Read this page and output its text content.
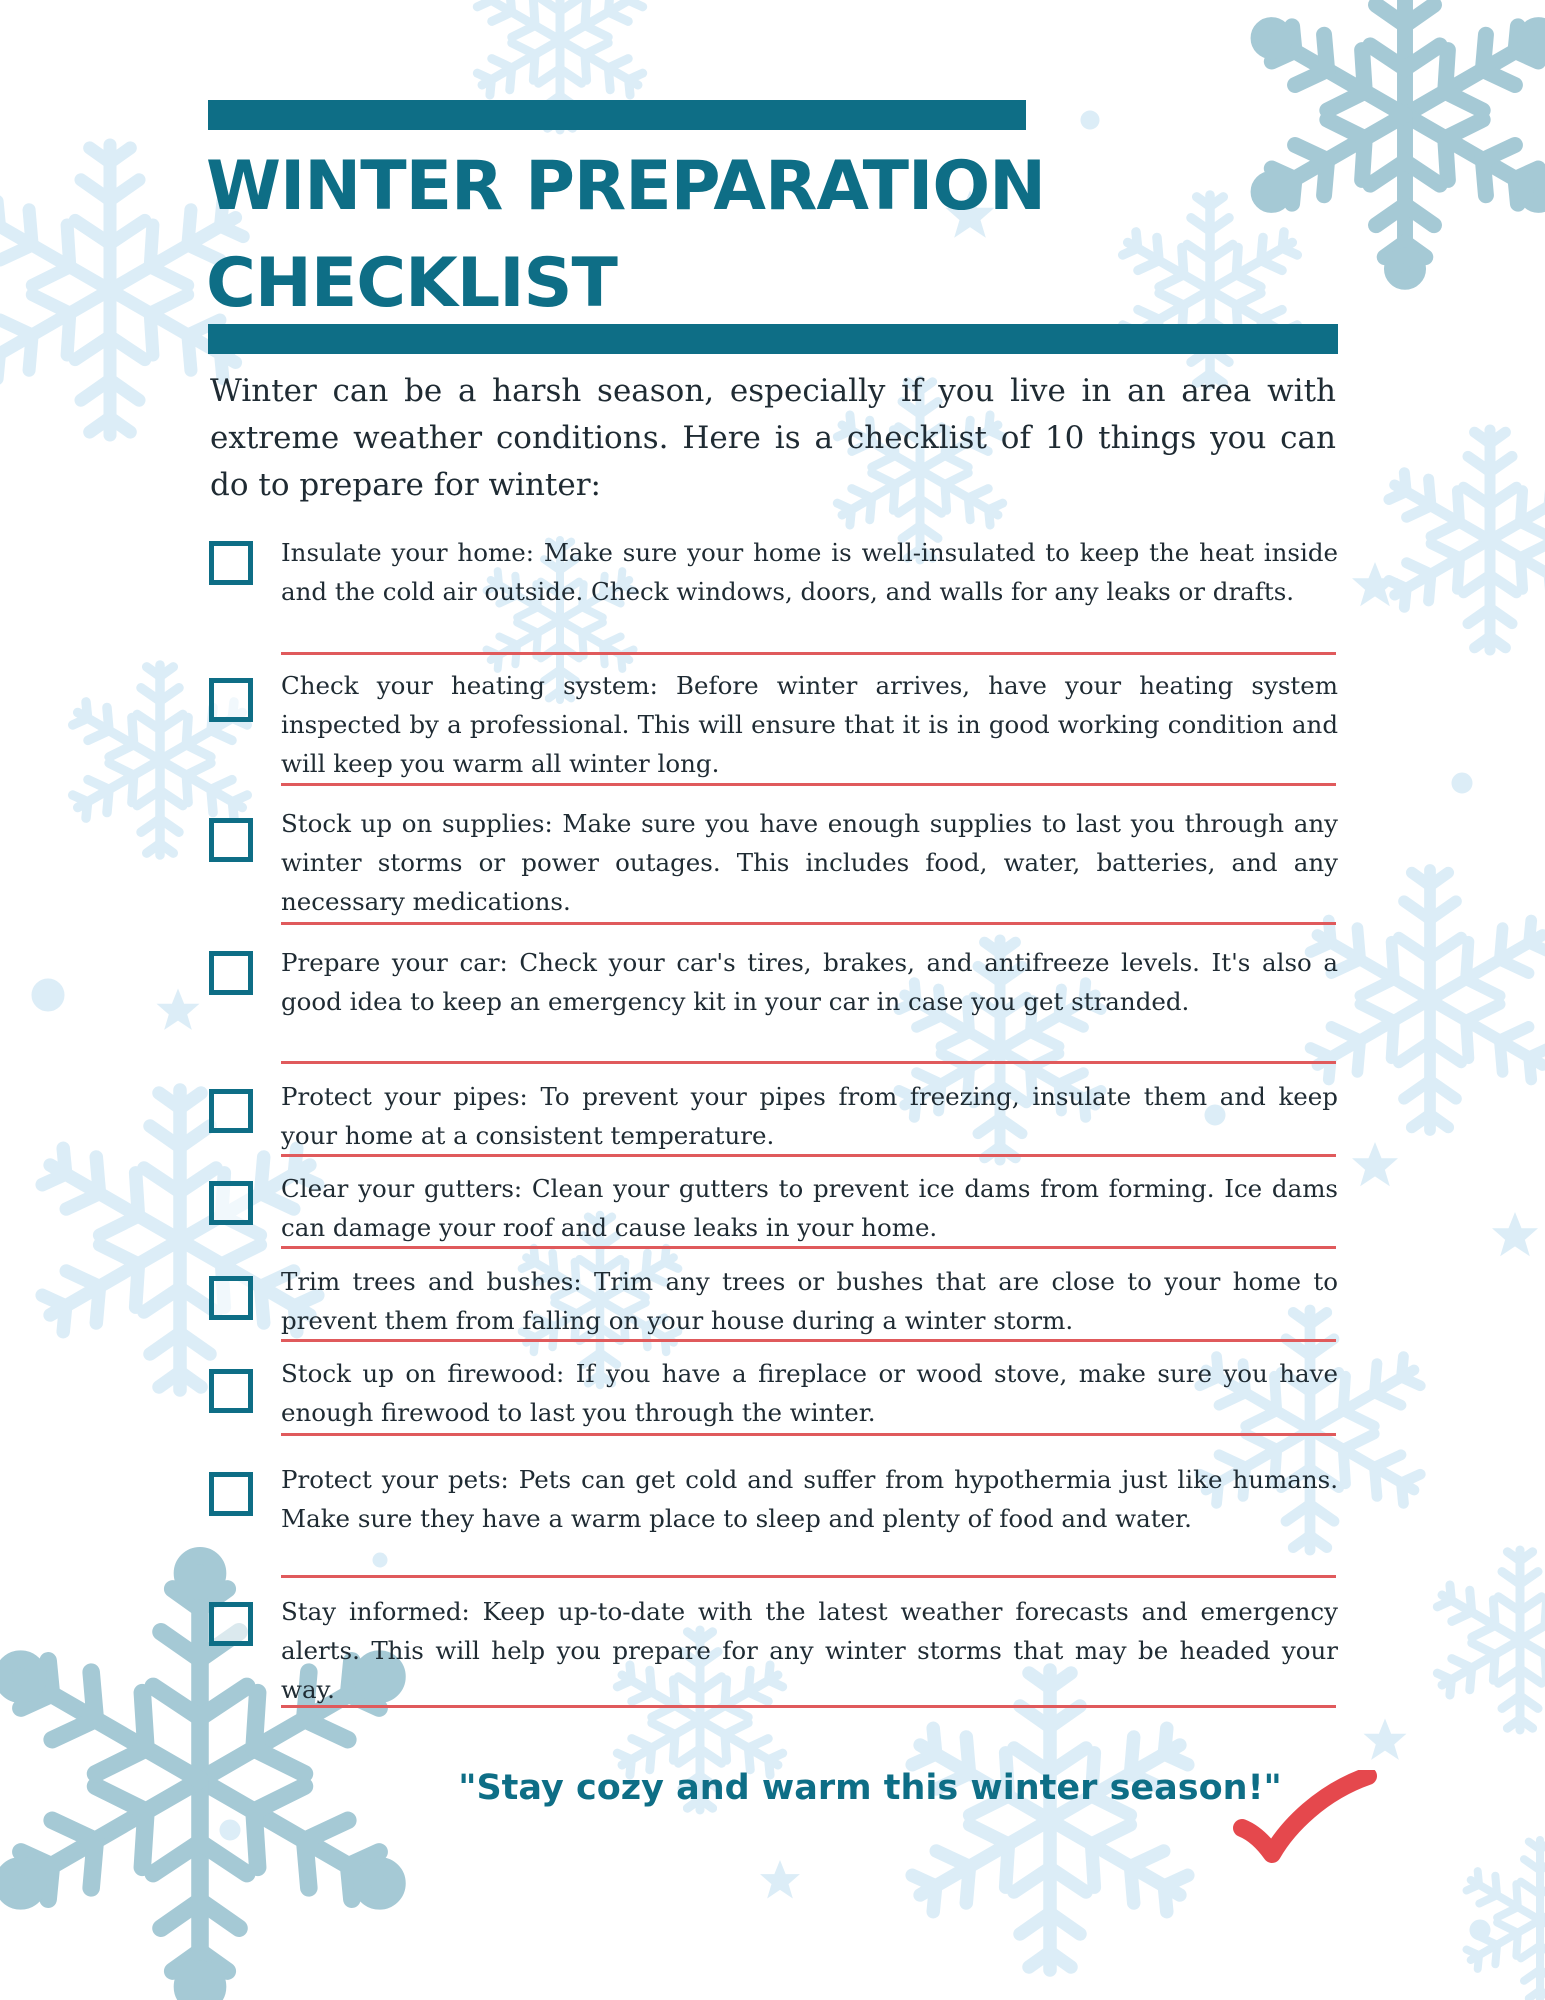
WINTER PREPARATION
CHECKLIST

Winter can be a harsh season, especially if you live in an area with extreme weather conditions. Here is a checklist of 10 things you can do to prepare for winter:

Insulate your home: Make sure your home is well-insulated to keep the heat inside and the cold air outside. Check windows, doors, and walls for any leaks or drafts.

Check your heating system: Before winter arrives, have your heating system inspected by a professional. This will ensure that it is in good working condition and will keep you warm all winter long.

Stock up on supplies: Make sure you have enough supplies to last you through any winter storms or power outages. This includes food, water, batteries, and any necessary medications.

Prepare your car: Check your car's tires, brakes, and antifreeze levels. It's also a good idea to keep an emergency kit in your car in case you get stranded.

Protect your pipes: To prevent your pipes from freezing, insulate them and keep your home at a consistent temperature.

Clear your gutters: Clean your gutters to prevent ice dams from forming. Ice dams can damage your roof and cause leaks in your home.

Trim trees and bushes: Trim any trees or bushes that are close to your home to prevent them from falling on your house during a winter storm.

Stock up on firewood: If you have a fireplace or wood stove, make sure you have enough firewood to last you through the winter.

Protect your pets: Pets can get cold and suffer from hypothermia just like humans. Make sure they have a warm place to sleep and plenty of food and water.

Stay informed: Keep up-to-date with the latest weather forecasts and emergency alerts. This will help you prepare for any winter storms that may be headed your way.

"Stay cozy and warm this winter season!"
